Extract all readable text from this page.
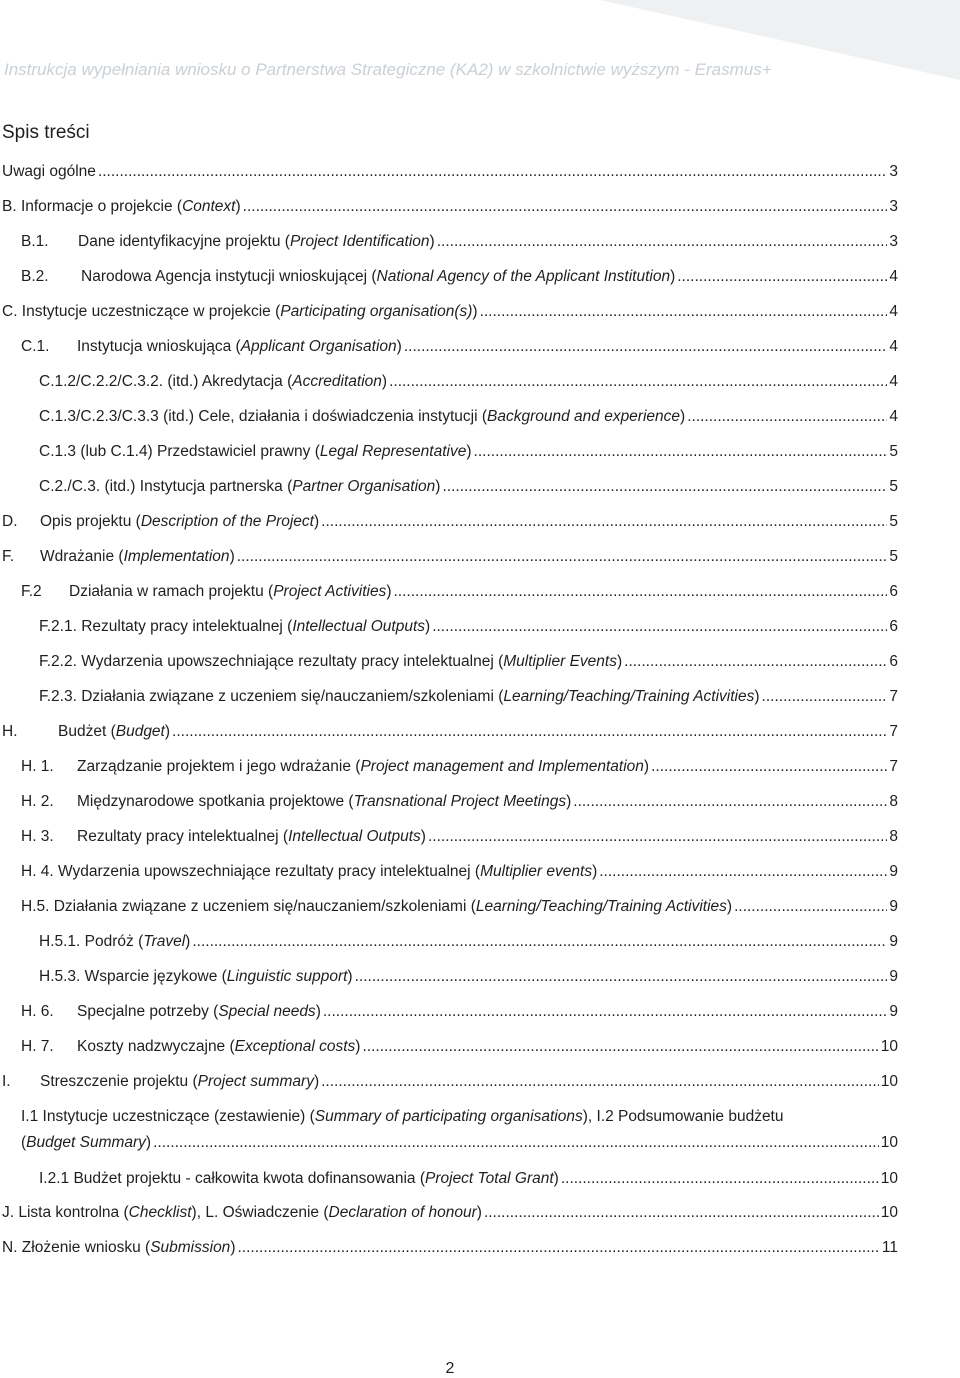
Instrukcja wypełniania wniosku o Partnerstwa Strategiczne (KA2) w szkolnictwie wyższym - Erasmus+
Spis treści
Uwagi ogólne .....	3
B. Informacje o projekcie (Context) .....	3
B.1.	Dane identyfikacyjne projektu (Project Identification) .....	3
B.2.	Narodowa Agencja instytucji wnioskującej (National Agency of the Applicant Institution) .....	4
C. Instytucje uczestniczące w projekcie (Participating organisation(s)) .....	4
C.1.	Instytucja wnioskująca (Applicant Organisation) .....	4
C.1.2/C.2.2/C.3.2. (itd.) Akredytacja (Accreditation) .....	4
C.1.3/C.2.3/C.3.3 (itd.) Cele, działania i doświadczenia instytucji (Background and experience) .....	4
C.1.3 (lub C.1.4) Przedstawiciel prawny (Legal Representative) .....	5
C.2./C.3. (itd.) Instytucja partnerska (Partner Organisation) .....	5
D.	Opis projektu (Description of the Project) .....	5
F.	Wdrażanie (Implementation) .....	5
F.2	Działania w ramach projektu (Project Activities) .....	6
F.2.1. Rezultaty pracy intelektualnej (Intellectual Outputs) .....	6
F.2.2. Wydarzenia upowszechniające rezultaty pracy intelektualnej (Multiplier Events) .....	6
F.2.3. Działania związane z uczeniem się/nauczaniem/szkoleniami (Learning/Teaching/Training Activities) .....	7
H.	Budżet (Budget) .....	7
H. 1.	Zarządzanie projektem i jego wdrażanie (Project management and Implementation) .....	7
H. 2.	Międzynarodowe spotkania projektowe (Transnational Project Meetings) .....	8
H. 3.	Rezultaty pracy intelektualnej (Intellectual Outputs) .....	8
H. 4. Wydarzenia upowszechniające rezultaty pracy intelektualnej (Multiplier events) .....	9
H.5. Działania związane z uczeniem się/nauczaniem/szkoleniami (Learning/Teaching/Training Activities) .....	9
H.5.1. Podróż (Travel) .....	9
H.5.3. Wsparcie językowe (Linguistic support) .....	9
H. 6.	Specjalne potrzeby (Special needs) .....	9
H. 7.	Koszty nadzwyczajne (Exceptional costs) .....	10
I.	Streszczenie projektu (Project summary) .....	10
I.1 Instytucje uczestniczące (zestawienie) (Summary of participating organisations), I.2 Podsumowanie budżetu
(Budget Summary) .....	10
I.2.1 Budżet projektu - całkowita kwota dofinansowania (Project Total Grant) .....	10
J. Lista kontrolna (Checklist), L. Oświadczenie (Declaration of honour) .....	10
N. Złożenie wniosku (Submission) .....	11
2
